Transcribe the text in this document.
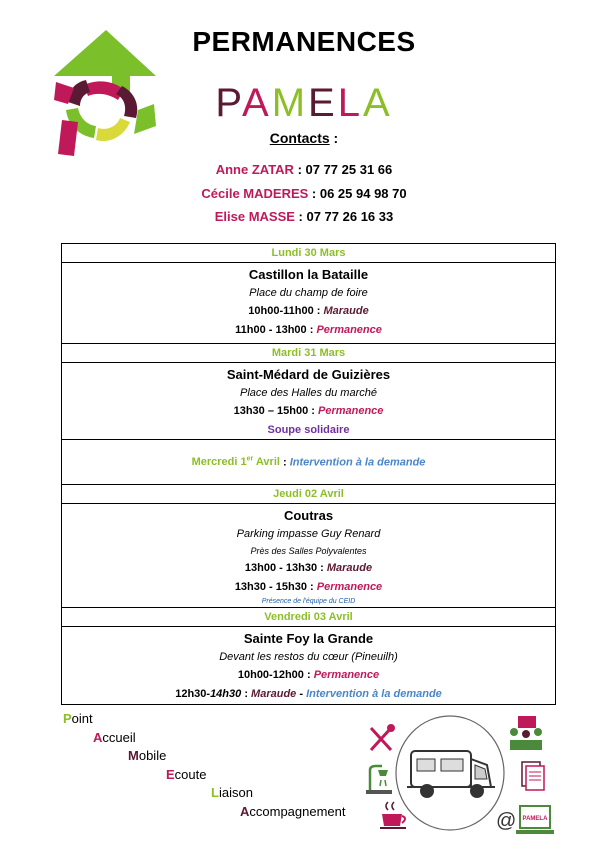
PERMANENCES
PAMELA
Contacts :
Anne ZATAR : 07 77 25 31 66
Cécile MADERES : 06 25 94 98 70
Elise MASSE : 07 77 26 16 33
Lundi 30 Mars

Castillon la Bataille
Place du champ de foire
10h00-11h00 : Maraude
11h00 - 13h00 : Permanence

Mardi 31 Mars

Saint-Médard de Guizières
Place des Halles du marché
13h30 – 15h00 : Permanence
Soupe solidaire

Mercredi 1er Avril : Intervention à la demande
Jeudi 02 Avril

Coutras
Parking impasse Guy Renard
Près des Salles Polyvalentes
13h00 - 13h30 : Maraude
13h30 - 15h30 : Permanence
Présence de l'équipe du CEID

Vendredi 03 Avril

Sainte Foy la Grande
Devant les restos du cœur (Pineuilh)
10h00-12h00 : Permanence
12h30-14h30 : Maraude - Intervention à la demande
Point
Accueil
Mobile
Ecoute
Liaison
Accompagnement	@ PAMELA
